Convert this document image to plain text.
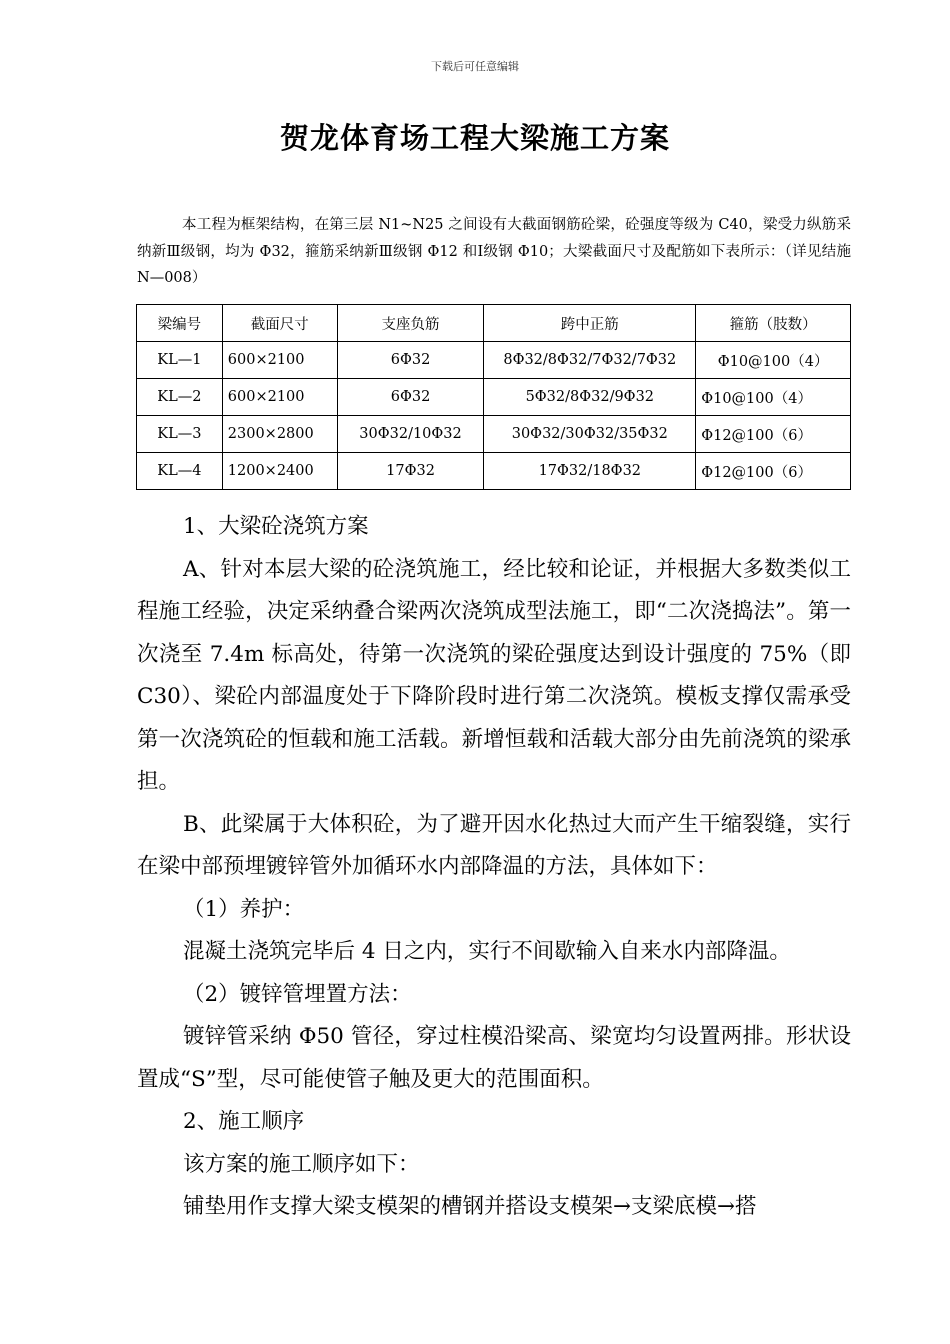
下载后可任意编辑
贺龙体育场工程大梁施工方案

本工程为框架结构，在第三层 N1~N25 之间设有大截面钢筋砼梁，砼强度等级为 C40，梁受力纵筋采纳新Ⅲ级钢，均为 Φ32，箍筋采纳新Ⅲ级钢 Φ12 和Ⅰ级钢 Φ10；大梁截面尺寸及配筋如下表所示：（详见结施 N—008）

梁编号	截面尺寸	支座负筋	跨中正筋	箍筋（肢数）
KL—1	600×2100	6Φ32	8Φ32/8Φ32/7Φ32/7Φ32	Φ10@100（4）
KL—2	600×2100	6Φ32	5Φ32/8Φ32/9Φ32	Φ10@100（4）
KL—3	2300×2800	30Φ32/10Φ32	30Φ32/30Φ32/35Φ32	Φ12@100（6）
KL—4	1200×2400	17Φ32	17Φ32/18Φ32	Φ12@100（6）

1、大梁砼浇筑方案

A、针对本层大梁的砼浇筑施工，经比较和论证，并根据大多数类似工程施工经验，决定采纳叠合梁两次浇筑成型法施工，即“二次浇捣法”。第一次浇至 7.4m 标高处，待第一次浇筑的梁砼强度达到设计强度的 75%（即 C30）、梁砼内部温度处于下降阶段时进行第二次浇筑。模板支撑仅需承受第一次浇筑砼的恒载和施工活载。新增恒载和活载大部分由先前浇筑的梁承担。

B、此梁属于大体积砼，为了避开因水化热过大而产生干缩裂缝，实行在梁中部预埋镀锌管外加循环水内部降温的方法，具体如下：

（1）养护：

混凝土浇筑完毕后 4 日之内，实行不间歇输入自来水内部降温。

（2）镀锌管埋置方法：

镀锌管采纳 Φ50 管径，穿过柱模沿梁高、梁宽均匀设置两排。形状设置成“S”型，尽可能使管子触及更大的范围面积。

2、施工顺序

该方案的施工顺序如下：

铺垫用作支撑大梁支模架的槽钢并搭设支模架→支梁底模→搭
